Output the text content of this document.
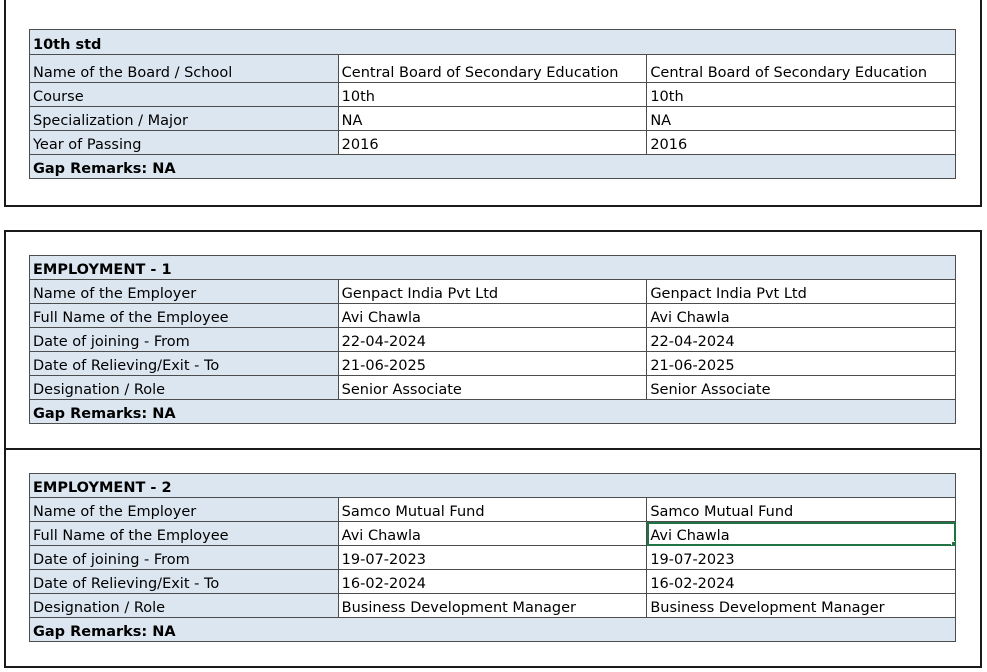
10th std		
Name of the Board / School	Central Board of Secondary Education	Central Board of Secondary Education
Course	10th	10th
Specialization / Major	NA	NA
Year of Passing	2016	2016
Gap Remarks: NA		
EMPLOYMENT - 1		
Name of the Employer	Genpact India Pvt Ltd	Genpact India Pvt Ltd
Full Name of the Employee	Avi Chawla	Avi Chawla
Date of joining - From	22-04-2024	22-04-2024
Date of Relieving/Exit - To	21-06-2025	21-06-2025
Designation / Role	Senior Associate	Senior Associate
Gap Remarks: NA		
EMPLOYMENT - 2		
Name of the Employer	Samco Mutual Fund	Samco Mutual Fund
Full Name of the Employee	Avi Chawla	Avi Chawla

Date of joining - From	19-07-2023	19-07-2023
Date of Relieving/Exit - To	16-02-2024	16-02-2024
Designation / Role	Business Development Manager	Business Development Manager
Gap Remarks: NA		
